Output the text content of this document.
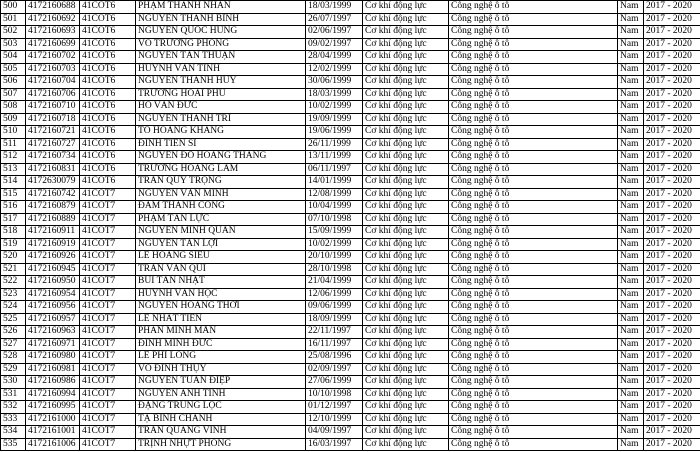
500	4172160688	41COT6	PHẠM THANH NHÀN	18/03/1999	Cơ khí động lực	Công nghệ ô tô	Nam	2017 - 2020
501	4172160692	41COT6	NGUYỄN THANH BÌNH	26/07/1997	Cơ khí động lực	Công nghệ ô tô	Nam	2017 - 2020
502	4172160693	41COT6	NGUYỄN QUỐC HÙNG	02/06/1997	Cơ khí động lực	Công nghệ ô tô	Nam	2017 - 2020
503	4172160699	41COT6	VÕ TRƯỜNG PHONG	09/02/1997	Cơ khí động lực	Công nghệ ô tô	Nam	2017 - 2020
504	4172160702	41COT6	NGUYỄN TẤN THUẬN	28/04/1999	Cơ khí động lực	Công nghệ ô tô	Nam	2017 - 2020
505	4172160703	41COT6	HUỲNH VĂN TÌNH	12/02/1999	Cơ khí động lực	Công nghệ ô tô	Nam	2017 - 2020
506	4172160704	41COT6	NGUYỄN THANH HUY	30/06/1999	Cơ khí động lực	Công nghệ ô tô	Nam	2017 - 2020
507	4172160706	41COT6	TRƯƠNG HOÀI PHÚ	18/03/1999	Cơ khí động lực	Công nghệ ô tô	Nam	2017 - 2020
508	4172160710	41COT6	HỒ VĂN ĐỨC	10/02/1999	Cơ khí động lực	Công nghệ ô tô	Nam	2017 - 2020
509	4172160718	41COT6	NGUYỄN THANH TRÍ	19/09/1999	Cơ khí động lực	Công nghệ ô tô	Nam	2017 - 2020
510	4172160721	41COT6	TÔ HOÀNG KHANG	19/06/1999	Cơ khí động lực	Công nghệ ô tô	Nam	2017 - 2020
511	4172160727	41COT6	ĐINH TIẾN SĨ	26/11/1999	Cơ khí động lực	Công nghệ ô tô	Nam	2017 - 2020
512	4172160734	41COT6	NGUYỄN ĐỖ HOÀNG THẮNG	13/11/1999	Cơ khí động lực	Công nghệ ô tô	Nam	2017 - 2020
513	4172160831	41COT6	TRƯƠNG HOÀNG LÂM	06/11/1997	Cơ khí động lực	Công nghệ ô tô	Nam	2017 - 2020
514	4172630079	41COT6	TRẦN QUÝ TRỌNG	14/01/1999	Cơ khí động lực	Công nghệ ô tô	Nam	2017 - 2020
515	4172160742	41COT7	NGUYỄN VĂN MINH	12/08/1999	Cơ khí động lực	Công nghệ ô tô	Nam	2017 - 2020
516	4172160879	41COT7	ĐÀM THÀNH CÔNG	10/04/1999	Cơ khí động lực	Công nghệ ô tô	Nam	2017 - 2020
517	4172160889	41COT7	PHẠM TẤN LỰC	07/10/1998	Cơ khí động lực	Công nghệ ô tô	Nam	2017 - 2020
518	4172160911	41COT7	NGUYỄN MINH QUÂN	15/09/1999	Cơ khí động lực	Công nghệ ô tô	Nam	2017 - 2020
519	4172160919	41COT7	NGUYỄN TẤN LỢI	10/02/1999	Cơ khí động lực	Công nghệ ô tô	Nam	2017 - 2020
520	4172160926	41COT7	LÊ HOÀNG SIÊU	20/10/1999	Cơ khí động lực	Công nghệ ô tô	Nam	2017 - 2020
521	4172160945	41COT7	TRẦN VĂN QUÍ	28/10/1998	Cơ khí động lực	Công nghệ ô tô	Nam	2017 - 2020
522	4172160950	41COT7	BÙI TẤN NHẬT	21/04/1999	Cơ khí động lực	Công nghệ ô tô	Nam	2017 - 2020
523	4172160954	41COT7	HUỲNH VĂN HỌC	12/06/1999	Cơ khí động lực	Công nghệ ô tô	Nam	2017 - 2020
524	4172160956	41COT7	NGUYỄN HOÀNG THỜI	09/06/1999	Cơ khí động lực	Công nghệ ô tô	Nam	2017 - 2020
525	4172160957	41COT7	LÊ NHẤT TIẾN	18/09/1999	Cơ khí động lực	Công nghệ ô tô	Nam	2017 - 2020
526	4172160963	41COT7	PHAN MINH MẪN	22/11/1997	Cơ khí động lực	Công nghệ ô tô	Nam	2017 - 2020
527	4172160971	41COT7	ĐINH MINH ĐỨC	16/11/1997	Cơ khí động lực	Công nghệ ô tô	Nam	2017 - 2020
528	4172160980	41COT7	LÊ PHI LONG	25/08/1996	Cơ khí động lực	Công nghệ ô tô	Nam	2017 - 2020
529	4172160981	41COT7	VÕ ĐÌNH THỤY	02/09/1997	Cơ khí động lực	Công nghệ ô tô	Nam	2017 - 2020
530	4172160986	41COT7	NGUYỄN TUẤN ĐIỆP	27/06/1999	Cơ khí động lực	Công nghệ ô tô	Nam	2017 - 2020
531	4172160994	41COT7	NGUYỄN ANH TÍNH	10/10/1998	Cơ khí động lực	Công nghệ ô tô	Nam	2017 - 2020
532	4172160995	41COT7	ĐẶNG TRUNG LỘC	01/12/1997	Cơ khí động lực	Công nghệ ô tô	Nam	2017 - 2020
533	4172161000	41COT7	TẠ BÌNH CHÁNH	12/10/1999	Cơ khí động lực	Công nghệ ô tô	Nam	2017 - 2020
534	4172161001	41COT7	TRẦN QUANG VINH	04/09/1997	Cơ khí động lực	Công nghệ ô tô	Nam	2017 - 2020
535	4172161006	41COT7	TRỊNH NHỰT PHONG	16/03/1997	Cơ khí động lực	Công nghệ ô tô	Nam	2017 - 2020
